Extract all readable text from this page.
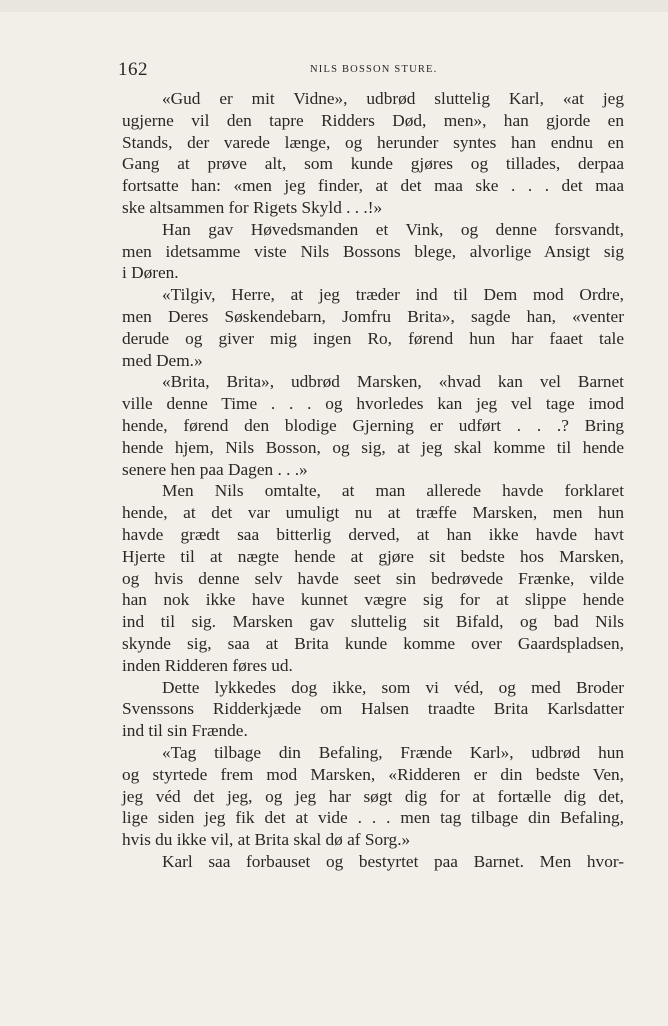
162	NILS BOSSON STURE.
«Gud er mit Vidne», udbrød sluttelig Karl, «at jeg
ugjerne vil den tapre Ridders Død, men», han gjorde en
Stands, der varede længe, og herunder syntes han endnu en
Gang at prøve alt, som kunde gjøres og tillades, derpaa
fortsatte han: «men jeg finder, at det maa ske . . . det maa
ske altsammen for Rigets Skyld . . .!»
Han gav Høvedsmanden et Vink, og denne forsvandt,
men idetsamme viste Nils Bossons blege, alvorlige Ansigt sig
i Døren.
«Tilgiv, Herre, at jeg træder ind til Dem mod Ordre,
men Deres Søskendebarn, Jomfru Brita», sagde han, «venter
derude og giver mig ingen Ro, førend hun har faaet tale
med Dem.»
«Brita, Brita», udbrød Marsken, «hvad kan vel Barnet
ville denne Time . . . og hvorledes kan jeg vel tage imod
hende, førend den blodige Gjerning er udført . . .? Bring
hende hjem, Nils Bosson, og sig, at jeg skal komme til hende
senere hen paa Dagen . . .»
Men Nils omtalte, at man allerede havde forklaret
hende, at det var umuligt nu at træffe Marsken, men hun
havde grædt saa bitterlig derved, at han ikke havde havt
Hjerte til at nægte hende at gjøre sit bedste hos Marsken,
og hvis denne selv havde seet sin bedrøvede Frænke, vilde
han nok ikke have kunnet vægre sig for at slippe hende
ind til sig. Marsken gav sluttelig sit Bifald, og bad Nils
skynde sig, saa at Brita kunde komme over Gaardspladsen,
inden Ridderen føres ud.
Dette lykkedes dog ikke, som vi véd, og med Broder
Svenssons Ridderkjæde om Halsen traadte Brita Karlsdatter
ind til sin Frænde.
«Tag tilbage din Befaling, Frænde Karl», udbrød hun
og styrtede frem mod Marsken, «Ridderen er din bedste Ven,
jeg véd det jeg, og jeg har søgt dig for at fortælle dig det,
lige siden jeg fik det at vide . . . men tag tilbage din Befaling,
hvis du ikke vil, at Brita skal dø af Sorg.»
Karl saa forbauset og bestyrtet paa Barnet. Men hvor-
